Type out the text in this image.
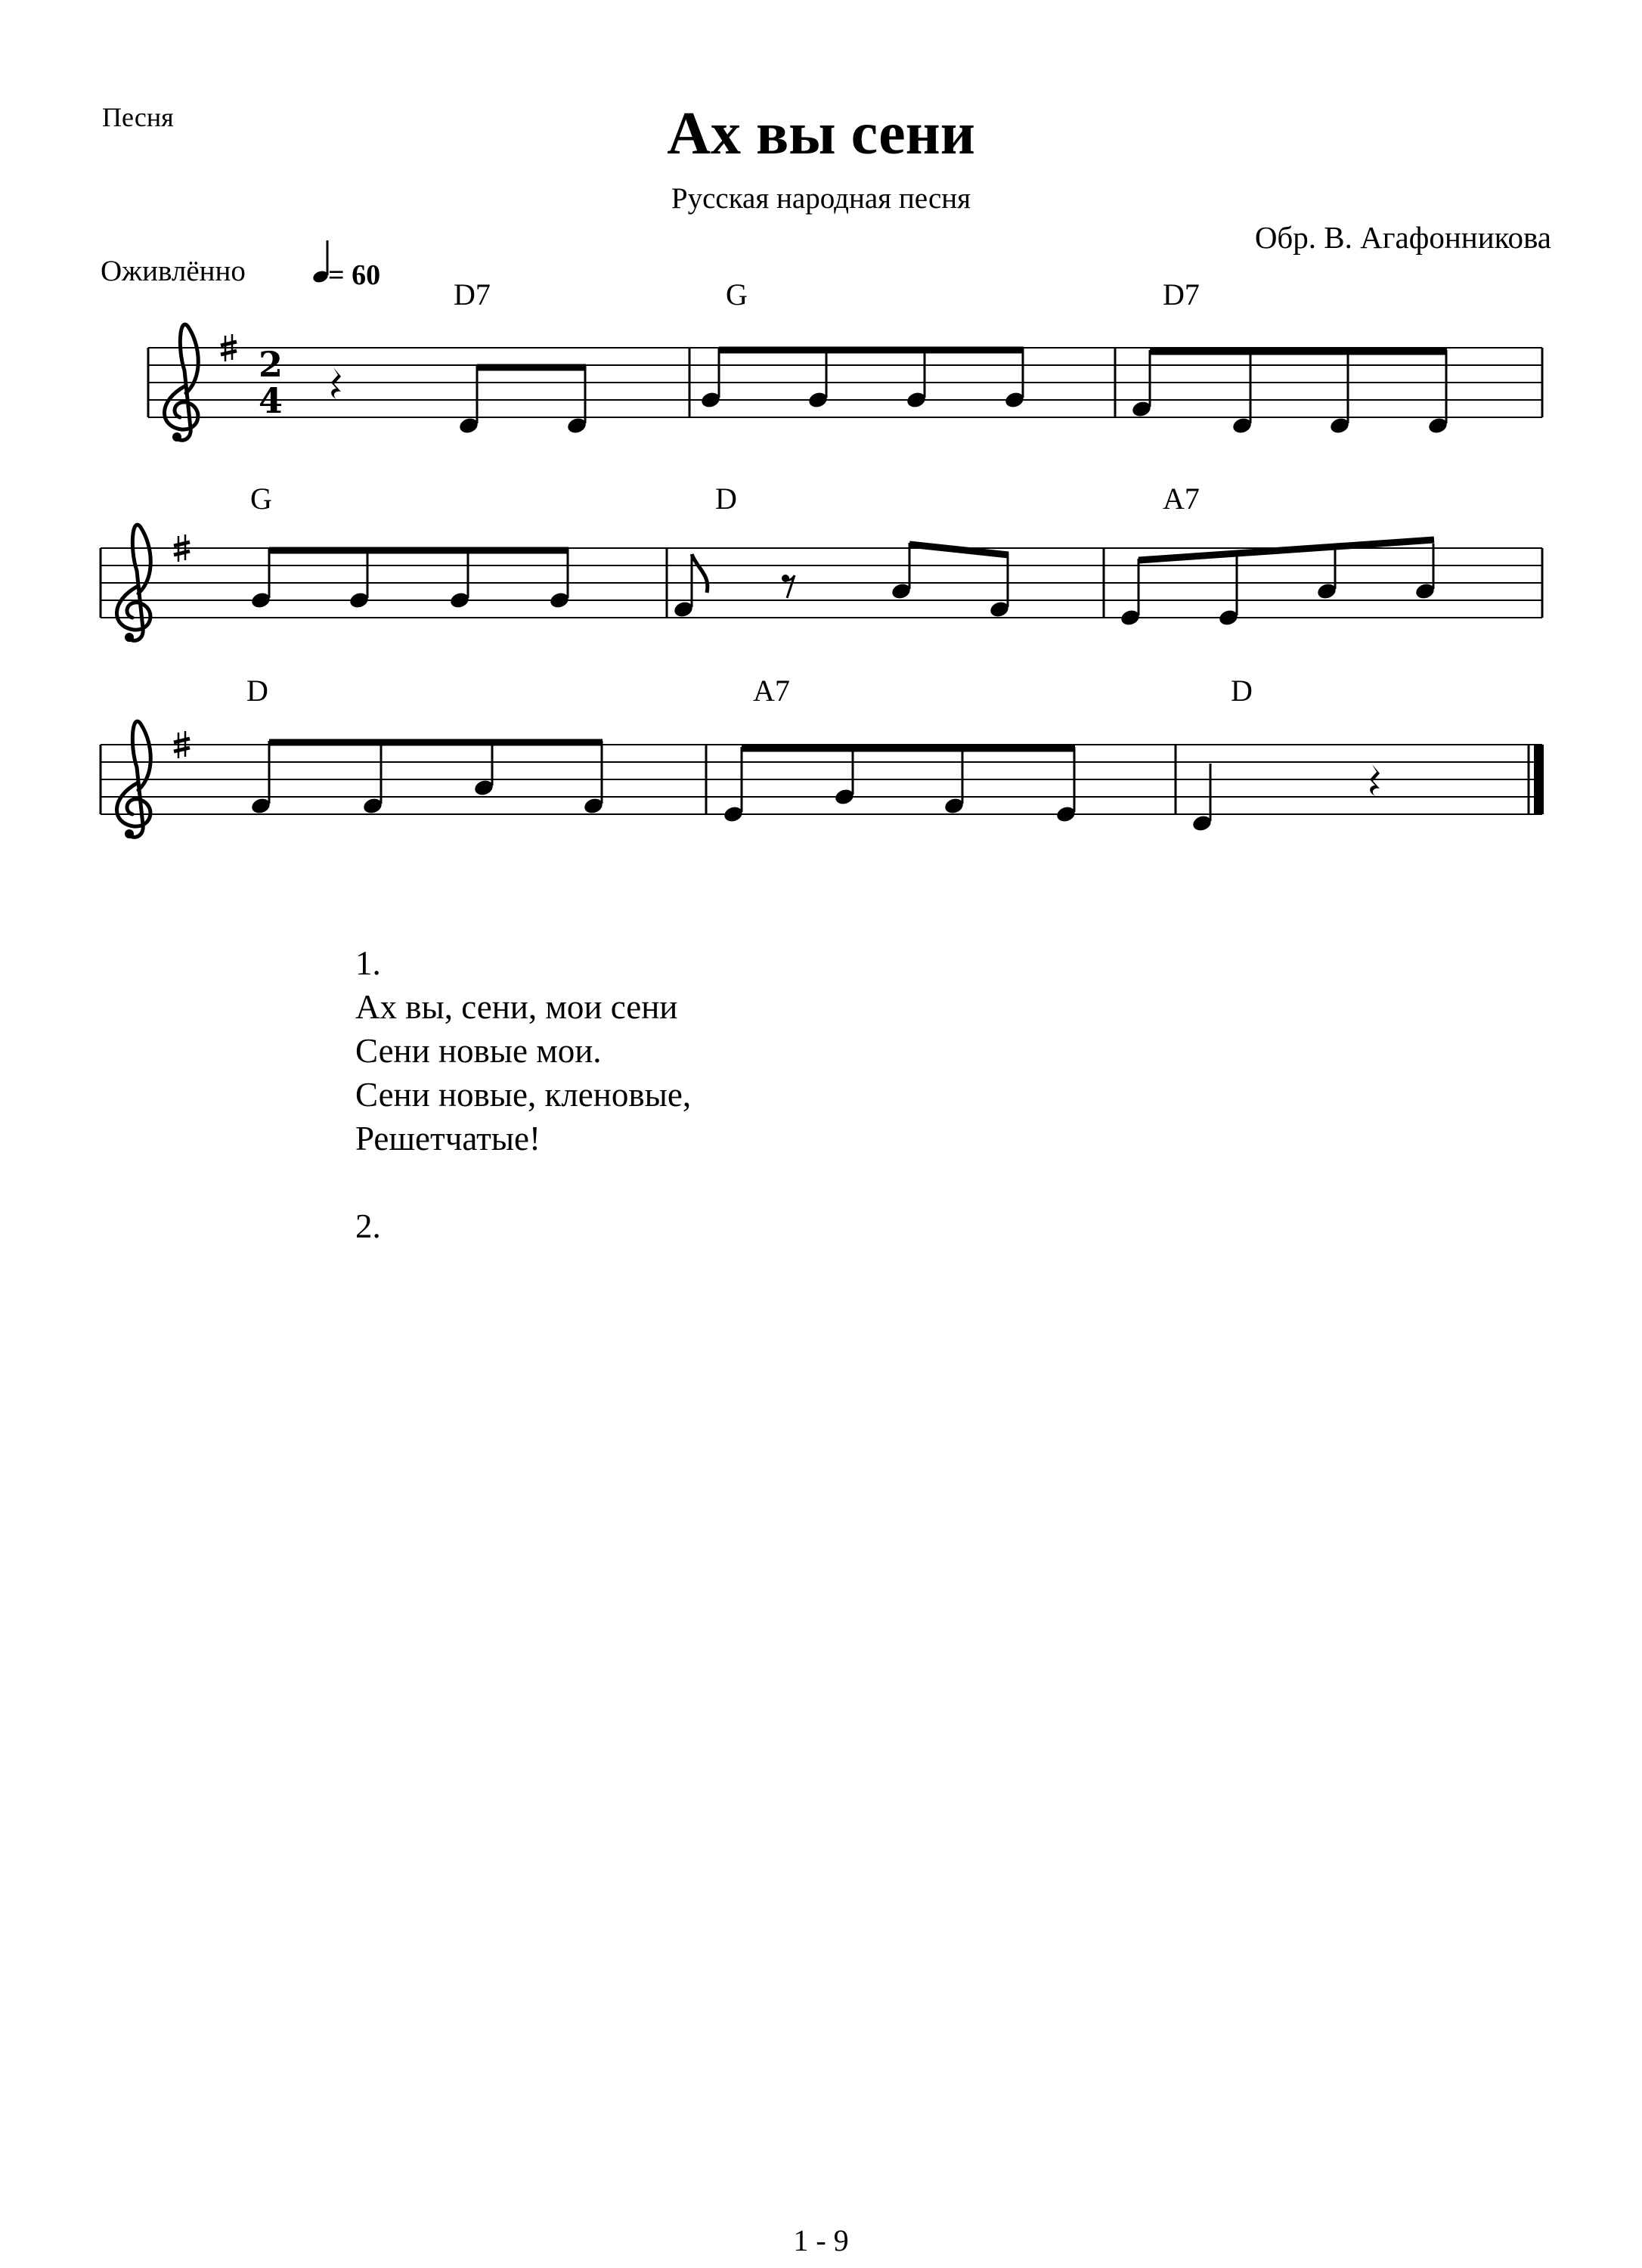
Песня	Ах вы сени
Русская народная песня
Обр. В. Агафонникова
Оживлённо	= 60
D7	G	D7
G	D	A7
D	A7	D
2
4
1.
Ах вы, сени, мои сени
Сени новые мои.
Сени новые, кленовые,
Решетчатые!
2.
1 - 9
